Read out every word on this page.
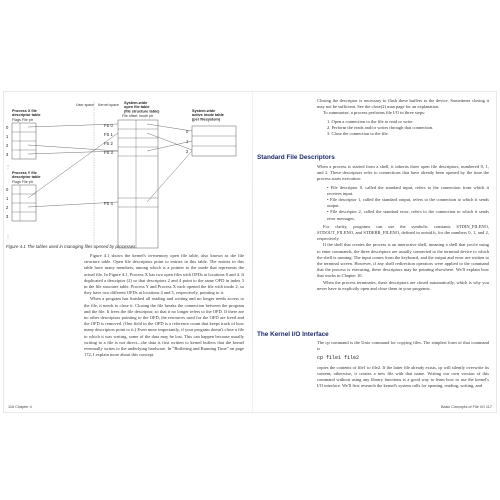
User space Kernel space System-wide open file table (file structure table)
File offset Inode ptr
System-wide active inode table (per filesystem)
Process X file descriptor table
Flags File ptr
0
1
2
3
Process Y file descriptor table
Flags File ptr
0
1
2
3
⋮
⋮
FS 0
FS 1
FS 2
FS 3
FS 4
0
1
2
Figure 4.1 The tables used in managing files opened by processes

Figure 4.1 shows the kernel's in-memory open file table, also known as the file structure table. Open file descriptors point to entries in this table. The entries in this table have many members, among which is a pointer to the inode that represents the actual file. In Figure 4.1, Process X has two open files with OFDs at locations 0 and 4. It duplicated a descriptor (2) so that descriptors 2 and 4 point to the same OFD in index 3 in the file structure table. Process Y and Process X each opened the file with inode 2, so they have two different OFDs at locations 4 and 5, respectively, pointing to it.

When a program has finished all reading and writing and no longer needs access to the file, it needs to close it. Closing the file breaks the connection between the program and the file. It frees the file descriptor, so that it no longer refers to the OFD. If there are no other descriptors pointing to the OFD, the resources used for the OFD are freed and the OFD is removed. (One field in the OFD is a reference count that keeps track of how many descriptors point to it.) Even more importantly, if your program doesn't close a file to which it was writing, some of the data may be lost. This can happen because usually writing to a file is not direct—the data is first written to kernel buffers that the kernel eventually writes to the underlying hardware. In "Buffering and Running Time" on page 172, I explain more about this concept.

116 Chapter 4

Closing the descriptor is necessary to flush these buffers to the device. Sometimes closing it may not be sufficient. See the close(2) man page for an explanation.

To summarize, a process performs file I/O in three steps:

1. Open a connection to the file to read or write.
2. Perform the reads and/or writes through that connection.
3. Close the connection to the file.
Standard File Descriptors

When a process is started from a shell, it inherits three open file descriptors, numbered 0, 1, and 2. These descriptors refer to connections that have already been opened by the time the process starts execution:

• File descriptor 0, called the standard input, refers to the connection from which it receives input.
• File descriptor 1, called the standard output, refers to the connection to which it sends output.
• File descriptor 2, called the standard error, refers to the connection to which it sends error messages.

For clarity, programs can use the symbolic constants STDIN_FILENO, STDOUT_FILENO, and STDERR_FILENO, defined in unistd.h, for the numbers 0, 1, and 2, respectively.

If the shell that creates the process is an interactive shell, meaning a shell that you're using to enter commands, the three descriptors are usually connected to the terminal device to which the shell is running. The input comes from the keyboard, and the output and error are written to the terminal screen. However, if any shell redirection operators were applied to the command that the process is executing, these descriptors may be pointing elsewhere. We'll explain how that works in Chapter 10.

When the process terminates, these descriptors are closed automatically, which is why you never have to explicitly open and close them in your programs.

The Kernel I/O Interface

The cp command is the Unix command for copying files. The simplest form of that command is

cp file1 file2

copies the contents of file1 to file2. If the latter file already exists, cp will silently overwrite its content; otherwise, it creates a new file with that name. Writing our own version of this command without using any library functions is a good way to learn how to use the kernel's I/O interface. We'll first research the kernel's system calls for opening, reading, writing, and

Basic Concepts of File I/O 117
